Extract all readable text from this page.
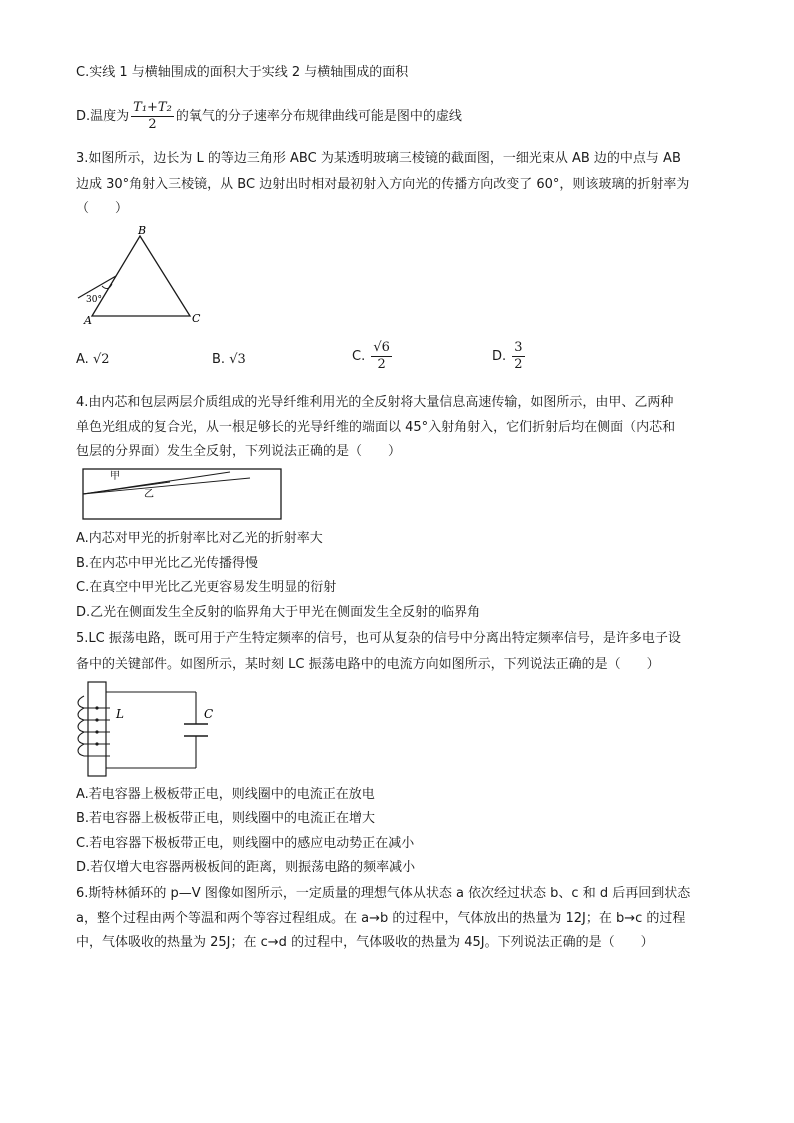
C.实线 1 与横轴围成的面积大于实线 2 与横轴围成的面积
D.温度为 $\frac{\text{T₁+T₂}}{2}$ 的氧气的分子速率分布规律曲线可能是图中的虚线
3.如图所示，边长为 L 的等边三角形 ABC 为某透明玻璃三棱镜的截面图，一细光束从 AB 边的中点与 AB
边成 30°角射入三棱镜，从 BC 边射出时相对最初射入方向光的传播方向改变了 60°，则该玻璃的折射率为
（　　）
B
A	C
30°
A. √2	B. √3	C. $\frac{√6}{2}$	D. $\frac{3}{2}$
4.由内芯和包层两层介质组成的光导纤维利用光的全反射将大量信息高速传输，如图所示，由甲、乙两种
单色光组成的复合光，从一根足够长的光导纤维的端面以 45°入射角射入，它们折射后均在侧面（内芯和
包层的分界面）发生全反射，下列说法正确的是（　　）
甲
乙
A.内芯对甲光的折射率比对乙光的折射率大
B.在内芯中甲光比乙光传播得慢
C.在真空中甲光比乙光更容易发生明显的衍射
D.乙光在侧面发生全反射的临界角大于甲光在侧面发生全反射的临界角
5.LC 振荡电路，既可用于产生特定频率的信号，也可从复杂的信号中分离出特定频率信号，是许多电子设
备中的关键部件。如图所示，某时刻 LC 振荡电路中的电流方向如图所示，下列说法正确的是（　　）
L	C
A.若电容器上极板带正电，则线圈中的电流正在放电
B.若电容器上极板带正电，则线圈中的电流正在增大
C.若电容器下极板带正电，则线圈中的感应电动势正在减小
D.若仅增大电容器两极板间的距离，则振荡电路的频率减小
6.斯特林循环的 p—V 图像如图所示，一定质量的理想气体从状态 a 依次经过状态 b、c 和 d 后再回到状态
a，整个过程由两个等温和两个等容过程组成。在 a→b 的过程中，气体放出的热量为 12J；在 b→c 的过程
中，气体吸收的热量为 25J；在 c→d 的过程中，气体吸收的热量为 45J。下列说法正确的是（　　）
